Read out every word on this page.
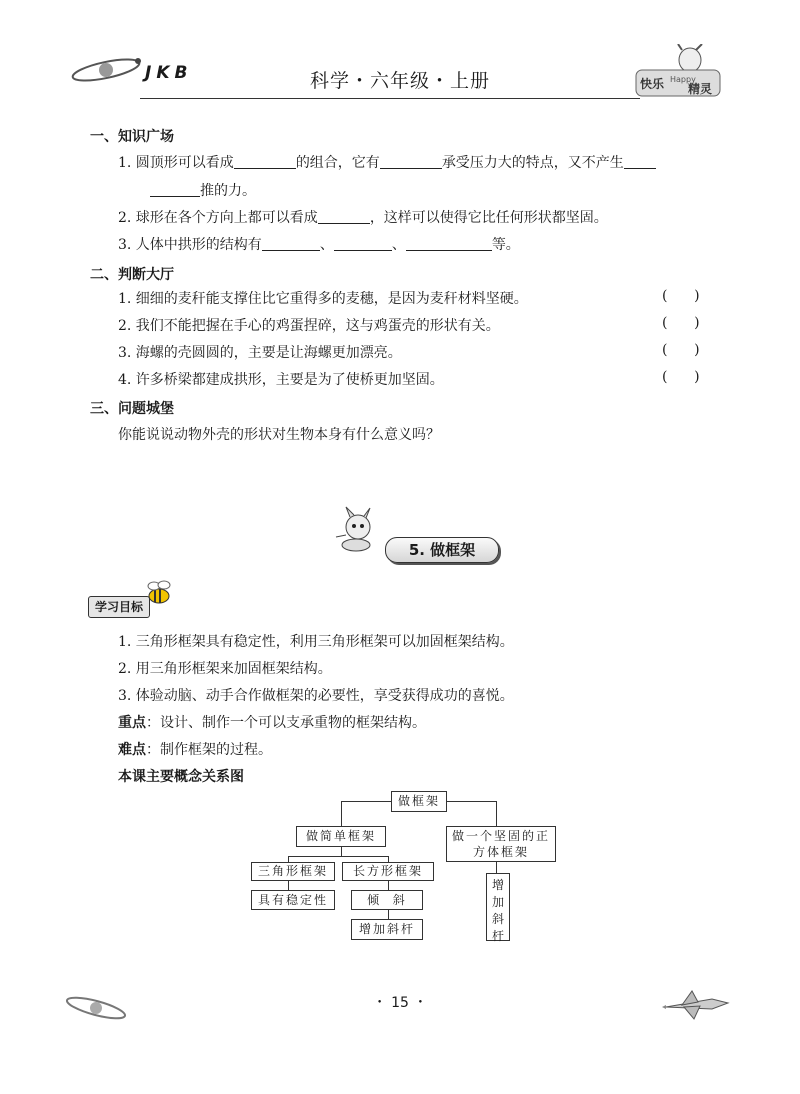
JKB	科学・六年级・上册	快乐 Happy
精灵
一、知识广场
1. 圆顶形可以看成	的组合，它有	承受压力大的特点，又不产生
推的力。
2. 球形在各个方向上都可以看成	，这样可以使得它比任何形状都坚固。
3. 人体中拱形的结构有	、	、	等。
二、判断大厅
1. 细细的麦秆能支撑住比它重得多的麦穗，是因为麦秆材料坚硬。	(      )
2. 我们不能把握在手心的鸡蛋捏碎，这与鸡蛋壳的形状有关。	(      )
3. 海螺的壳圆圆的，主要是让海螺更加漂亮。	(      )
4. 许多桥梁都建成拱形，主要是为了使桥更加坚固。	(      )
三、问题城堡
你能说说动物外壳的形状对生物本身有什么意义吗？
5. 做框架
学习目标
1. 三角形框架具有稳定性，利用三角形框架可以加固框架结构。
2. 用三角形框架来加固框架结构。
3. 体验动脑、动手合作做框架的必要性，享受获得成功的喜悦。
重点：设计、制作一个可以支承重物的框架结构。
难点：制作框架的过程。
本课主要概念关系图
做框架
做简单框架	做一个坚固的正方体框架
三角形框架	长方形框架
具有稳定性	倾  斜
增加斜杆
增加斜杆
・ 15 ・
